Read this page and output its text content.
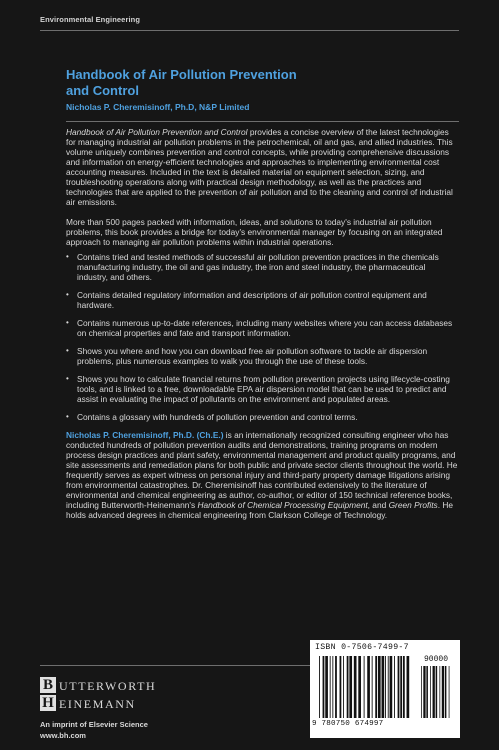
Environmental Engineering
Handbook of Air Pollution Prevention
and Control
Nicholas P. Cheremisinoff, Ph.D, N&P Limited

Handbook of Air Pollution Prevention and Control provides a concise overview of the latest technologies for managing industrial air pollution problems in the petrochemical, oil and gas, and allied industries. This volume uniquely combines prevention and control concepts, while providing comprehensive discussions and information on energy-efficient technologies and approaches to implementing environmental cost accounting measures. Included in the text is detailed material on equipment selection, sizing, and troubleshooting operations along with practical design methodology, as well as the practices and technologies that are applied to the prevention of air pollution and to the cleaning and control of industrial air emissions.

More than 500 pages packed with information, ideas, and solutions to today's industrial air pollution problems, this book provides a bridge for today's environmental manager by focusing on an integrated approach to managing air pollution problems within industrial operations.

• Contains tried and tested methods of successful air pollution prevention practices in the chemicals manufacturing industry, the oil and gas industry, the iron and steel industry, the pharmaceutical industry, and others.
• Contains detailed regulatory information and descriptions of air pollution control equipment and hardware.
• Contains numerous up-to-date references, including many websites where you can access databases on chemical properties and fate and transport information.
• Shows you where and how you can download free air pollution software to tackle air dispersion problems, plus numerous examples to walk you through the use of these tools.
• Shows you how to calculate financial returns from pollution prevention projects using lifecycle-costing tools, and is linked to a free, downloadable EPA air dispersion model that can be used to predict and assist in evaluating the impact of pollutants on the environment and populated areas.
• Contains a glossary with hundreds of pollution prevention and control terms.

Nicholas P. Cheremisinoff, Ph.D. (Ch.E.) is an internationally recognized consulting engineer who has conducted hundreds of pollution prevention audits and demonstrations, training programs on modern process design practices and plant safety, environmental management and product quality programs, and site assessments and remediation plans for both public and private sector clients throughout the world. He frequently serves as expert witness on personal injury and third-party property damage litigations arising from environmental catastrophes. Dr. Cheremisinoff has contributed extensively to the literature of environmental and chemical engineering as author, co-author, or editor of 150 technical reference books, including Butterworth-Heinemann's Handbook of Chemical Processing Equipment, and Green Profits. He holds advanced degrees in chemical engineering from Clarkson College of Technology.

B UTTERWORTH
H EINEMANN
An imprint of Elsevier Science
www.bh.com
ISBN 0-7506-7499-7
90000
9 780750 674997
